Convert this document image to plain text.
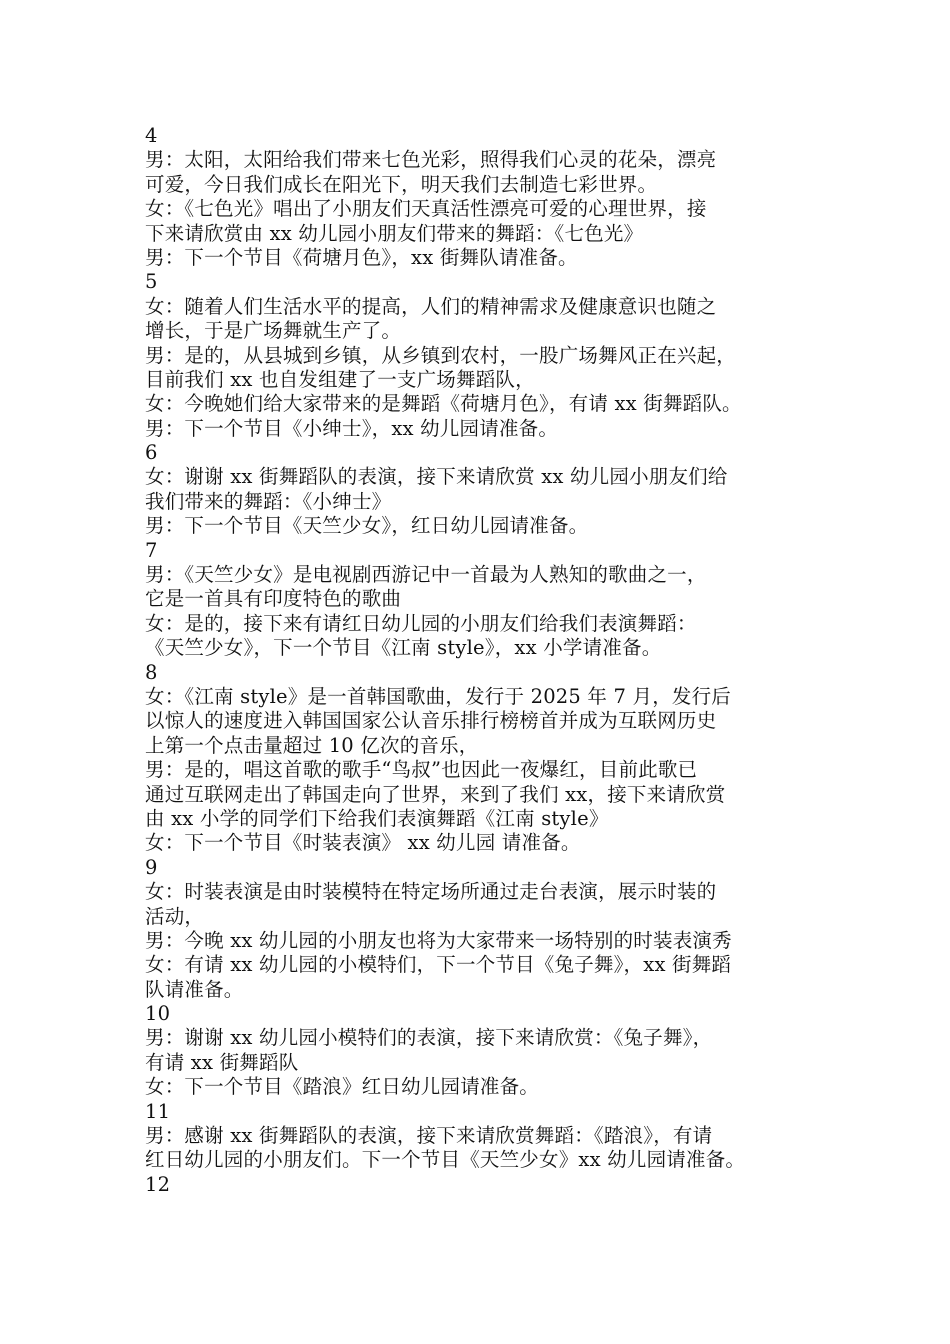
4
男：太阳，太阳给我们带来七色光彩，照得我们心灵的花朵，漂亮
可爱，今日我们成长在阳光下，明天我们去制造七彩世界。
女：《七色光》唱出了小朋友们天真活性漂亮可爱的心理世界，接
下来请欣赏由 xx 幼儿园小朋友们带来的舞蹈：《七色光》
男：下一个节目《荷塘月色》，xx 街舞队请准备。
5
女：随着人们生活水平的提高，人们的精神需求及健康意识也随之
增长，于是广场舞就生产了。
男：是的，从县城到乡镇，从乡镇到农村，一股广场舞风正在兴起，
目前我们 xx 也自发组建了一支广场舞蹈队，
女：今晚她们给大家带来的是舞蹈《荷塘月色》，有请 xx 街舞蹈队。
男：下一个节目《小绅士》，xx 幼儿园请准备。
6
女：谢谢 xx 街舞蹈队的表演，接下来请欣赏 xx 幼儿园小朋友们给
我们带来的舞蹈：《小绅士》
男：下一个节目《天竺少女》，红日幼儿园请准备。
7
男：《天竺少女》是电视剧西游记中一首最为人熟知的歌曲之一，
它是一首具有印度特色的歌曲
女：是的，接下来有请红日幼儿园的小朋友们给我们表演舞蹈：
《天竺少女》，下一个节目《江南 style》，xx 小学请准备。
8
女：《江南 style》是一首韩国歌曲，发行于 2025 年 7 月，发行后
以惊人的速度进入韩国国家公认音乐排行榜榜首并成为互联网历史
上第一个点击量超过 10 亿次的音乐，
男：是的，唱这首歌的歌手“鸟叔”也因此一夜爆红，目前此歌已
通过互联网走出了韩国走向了世界，来到了我们 xx，接下来请欣赏
由 xx 小学的同学们下给我们表演舞蹈《江南 style》
女：下一个节目《时装表演》 xx 幼儿园 请准备。
9
女：时装表演是由时装模特在特定场所通过走台表演，展示时装的
活动，
男：今晚 xx 幼儿园的小朋友也将为大家带来一场特别的时装表演秀
女：有请 xx 幼儿园的小模特们，下一个节目《兔子舞》，xx 街舞蹈
队请准备。
10
男：谢谢 xx 幼儿园小模特们的表演，接下来请欣赏：《兔子舞》，
有请 xx 街舞蹈队
女：下一个节目《踏浪》红日幼儿园请准备。
11
男：感谢 xx 街舞蹈队的表演，接下来请欣赏舞蹈：《踏浪》，有请
红日幼儿园的小朋友们。下一个节目《天竺少女》xx 幼儿园请准备。
12
